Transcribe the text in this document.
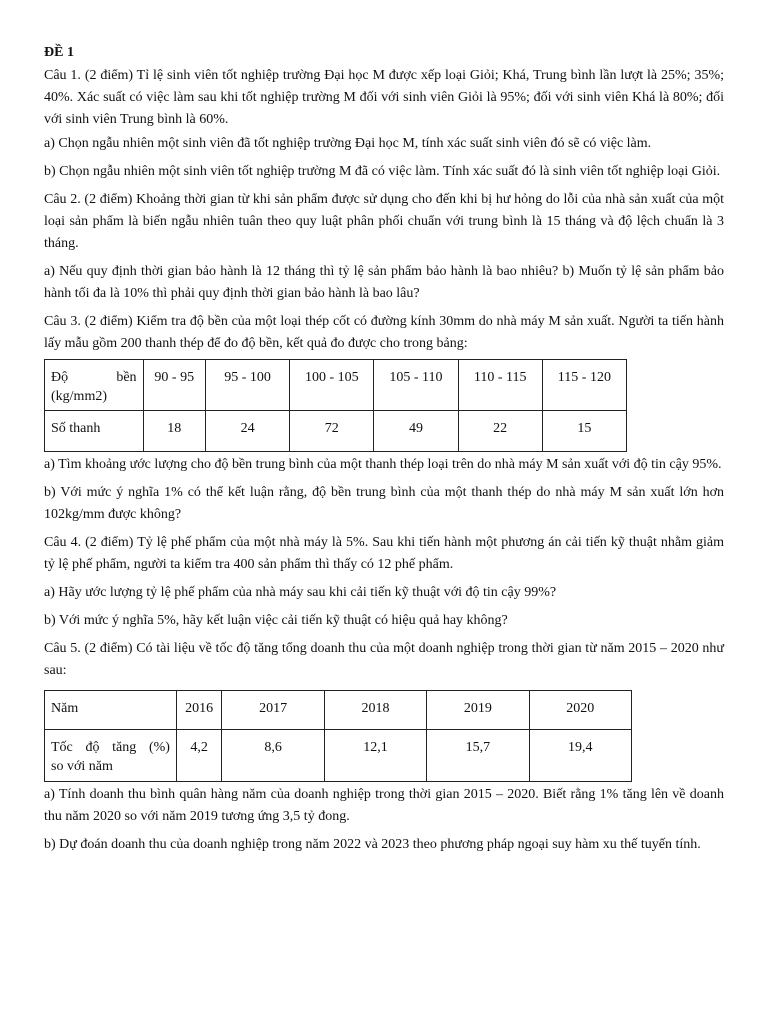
ĐỀ 1

Câu 1. (2 điểm) Tỉ lệ sinh viên tốt nghiệp trường Đại học M được xếp loại Giỏi; Khá, Trung bình lần lượt là 25%; 35%; 40%. Xác suất có việc làm sau khi tốt nghiệp trường M đối với sinh viên Giỏi là 95%; đối với sinh viên Khá là 80%; đối với sinh viên Trung bình là 60%.

a) Chọn ngẫu nhiên một sinh viên đã tốt nghiệp trường Đại học M, tính xác suất sinh viên đó sẽ có việc làm.

b) Chọn ngẫu nhiên một sinh viên tốt nghiệp trường M đã có việc làm. Tính xác suất đó là sinh viên tốt nghiệp loại Giỏi.

Câu 2. (2 điểm) Khoảng thời gian từ khi sản phẩm được sử dụng cho đến khi bị hư hỏng do lỗi của nhà sản xuất của một loại sản phẩm là biến ngẫu nhiên tuân theo quy luật phân phối chuẩn với trung bình là 15 tháng và độ lệch chuẩn là 3 tháng.

a) Nếu quy định thời gian bảo hành là 12 tháng thì tỷ lệ sản phẩm bảo hành là bao nhiêu? b) Muốn tỷ lệ sản phẩm bảo hành tối đa là 10% thì phải quy định thời gian bảo hành là bao lâu?

Câu 3. (2 điểm) Kiểm tra độ bền của một loại thép cốt có đường kính 30mm do nhà máy M sản xuất. Người ta tiến hành lấy mẫu gồm 200 thanh thép để đo độ bền, kết quả đo được cho trong bảng:

Độ bền
(kg/mm2)	90 - 95	95 - 100	100 - 105	105 - 110	110 - 115	115 - 120
Số thanh	18	24	72	49	22	15

a) Tìm khoảng ước lượng cho độ bền trung bình của một thanh thép loại trên do nhà máy M sản xuất với độ tin cậy 95%.

b) Với mức ý nghĩa 1% có thể kết luận rằng, độ bền trung bình của một thanh thép do nhà máy M sản xuất lớn hơn 102kg/mm được không?

Câu 4. (2 điểm) Tỷ lệ phế phẩm của một nhà máy là 5%. Sau khi tiến hành một phương án cải tiến kỹ thuật nhằm giảm tỷ lệ phế phẩm, người ta kiểm tra 400 sản phẩm thì thấy có 12 phế phẩm.

a) Hãy ước lượng tỷ lệ phế phẩm của nhà máy sau khi cải tiến kỹ thuật với độ tin cậy 99%?

b) Với mức ý nghĩa 5%, hãy kết luận việc cải tiến kỹ thuật có hiệu quả hay không?

Câu 5. (2 điểm) Có tài liệu về tốc độ tăng tổng doanh thu của một doanh nghiệp trong thời gian từ năm 2015 – 2020 như sau:

Năm	2016	2017	2018	2019	2020

Tốc độ tăng (%)
so với năm	4,2	8,6	12,1	15,7	19,4

a) Tính doanh thu bình quân hàng năm của doanh nghiệp trong thời gian 2015 – 2020. Biết rằng 1% tăng lên về doanh thu năm 2020 so với năm 2019 tương ứng 3,5 tỷ đong.

b) Dự đoán doanh thu của doanh nghiệp trong năm 2022 và 2023 theo phương pháp ngoại suy hàm xu thế tuyến tính.
